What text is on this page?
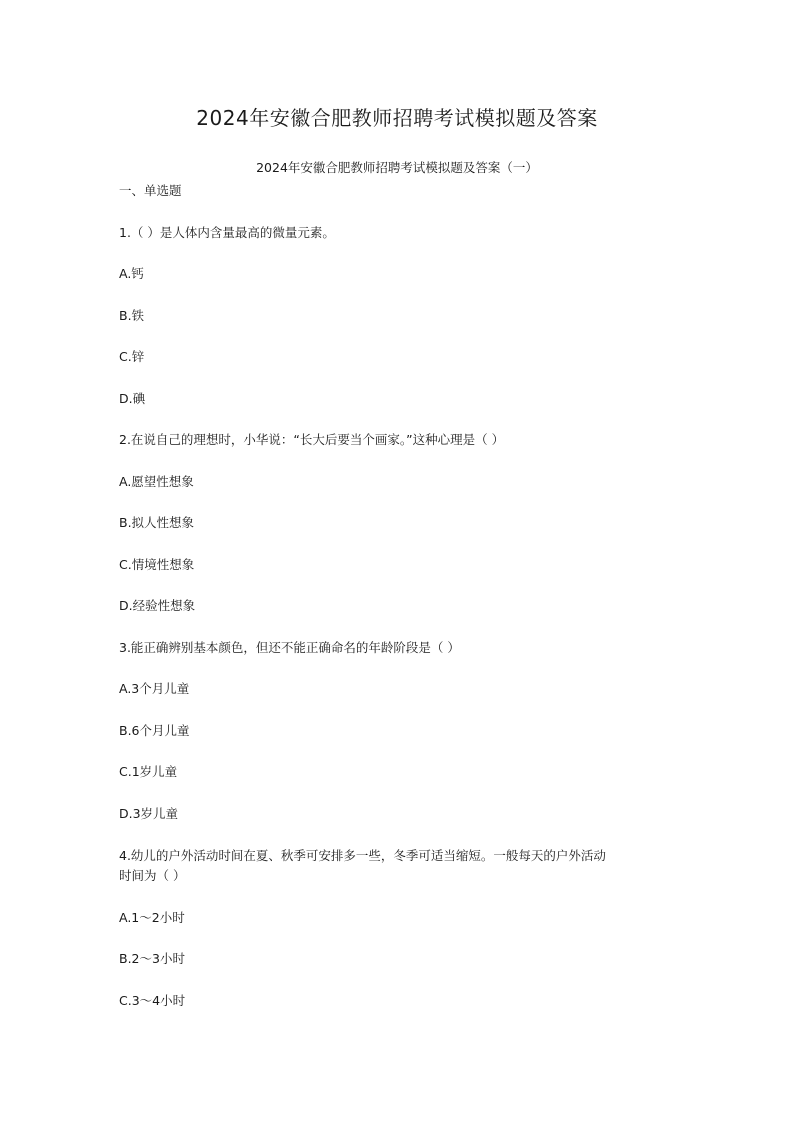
2024年安徽合肥教师招聘考试模拟题及答案
2024年安徽合肥教师招聘考试模拟题及答案（一）
一、单选题
1.（ ）是人体内含量最高的微量元素。
A.钙
B.铁
C.锌
D.碘
2.在说自己的理想时，小华说：“长大后要当个画家。”这种心理是（ ）
A.愿望性想象
B.拟人性想象
C.情境性想象
D.经验性想象
3.能正确辨别基本颜色，但还不能正确命名的年龄阶段是（ ）
A.3个月儿童
B.6个月儿童
C.1岁儿童
D.3岁儿童
4.幼儿的户外活动时间在夏、秋季可安排多一些，冬季可适当缩短。一般每天的户外活动
时间为（ ）
A.1～2小时
B.2～3小时
C.3～4小时
